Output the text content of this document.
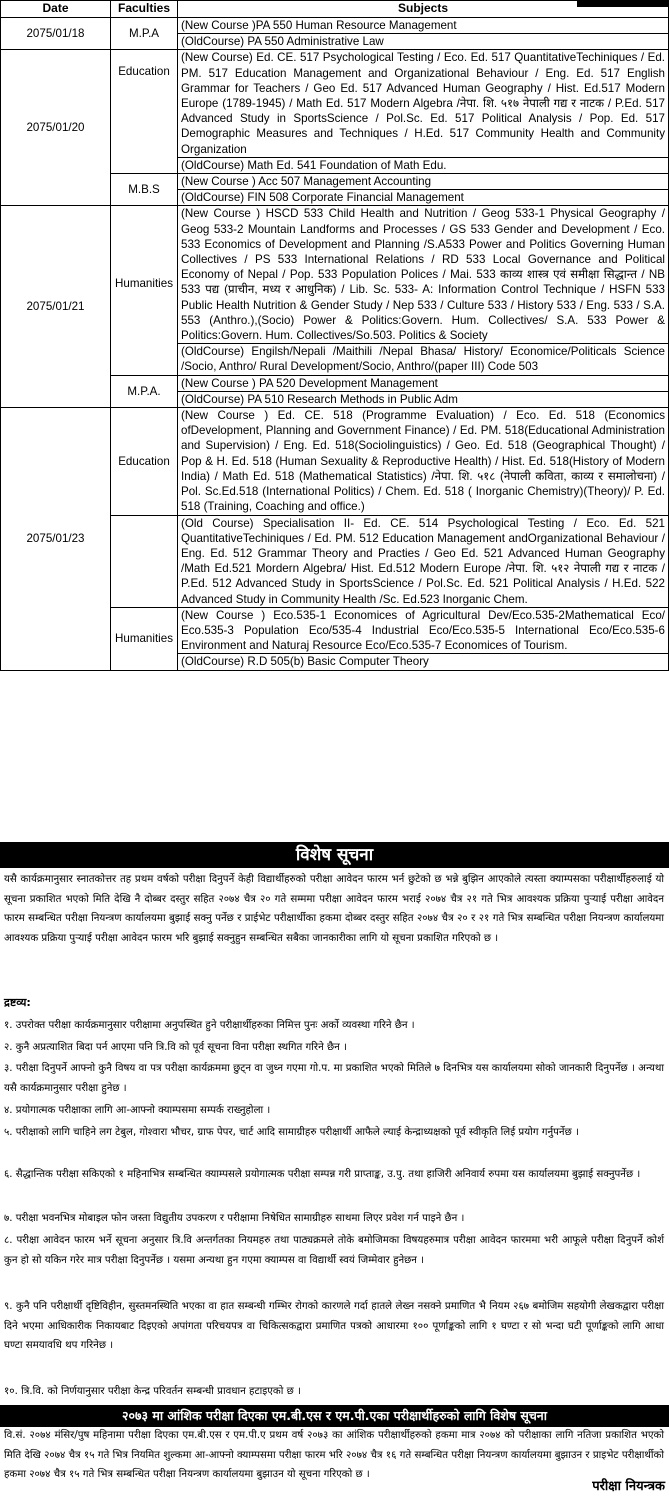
Date	Faculties	Subjects
2075/01/18	M.P.A	(New Course )PA 550 Human Resource Management
		(OldCourse) PA 550 Administrative Law
2075/01/20	Education	(New Course) Ed. CE. 517 Psychological Testing / Eco. Ed. 517 QuantitativeTechiniques / Ed. PM. 517 Education Management and Organizational Behaviour / Eng. Ed. 517 English Grammar for Teachers / Geo Ed. 517 Advanced Human Geography / Hist. Ed.517 Modern Europe (1789-1945) / Math Ed. 517 Modern Algebra /नेपा. शि. ५१७ नेपाली गद्य र नाटक / P.Ed. 517 Advanced Study in SportsScience / Pol.Sc. Ed. 517 Political Analysis / Pop. Ed. 517 Demographic Measures and Techniques / H.Ed. 517 Community Health and Community Organization
		(OldCourse) Math Ed. 541 Foundation of Math Edu.
	M.B.S	(New Course ) Acc 507 Management Accounting
		(OldCourse) FIN 508 Corporate Financial Management
2075/01/21	Humanities	(New Course ) HSCD 533 Child Health and Nutrition / Geog 533-1 Physical Geography / Geog 533-2 Mountain Landforms and Processes / GS 533 Gender and Development / Eco. 533 Economics of Development and Planning /S.A533 Power and Politics Governing Human Collectives / PS 533 International Relations / RD 533 Local Governance and Political Economy of Nepal / Pop. 533 Population Polices / Mai. 533 काव्य शास्त्र एवं समीक्षा सिद्धान्त / NB 533 पद्य (प्राचीन, मध्य र आधुनिक) / Lib. Sc. 533- A: Information Control Technique / HSFN 533 Public Health Nutrition & Gender Study / Nep 533 / Culture 533 / History 533 / Eng. 533 / S.A. 553 (Anthro.),(Socio) Power & Politics:Govern. Hum. Collectives/ S.A. 533 Power & Politics:Govern. Hum. Collectives/So.503. Politics & Society
		(OldCourse) Engilsh/Nepali /Maithili /Nepal Bhasa/ History/ Economice/Politicals Science /Socio, Anthro/ Rural Development/Socio, Anthro/(paper III) Code 503
	M.P.A.	(New Course ) PA 520 Development Management
		(OldCourse) PA 510 Research Methods in Public Adm
2075/01/23	Education	(New Course ) Ed. CE. 518 (Programme Evaluation) / Eco. Ed. 518 (Economics ofDevelopment, Planning and Government Finance) / Ed. PM. 518(Educational Administration and Supervision) / Eng. Ed. 518(Sociolinguistics) / Geo. Ed. 518 (Geographical Thought) / Pop & H. Ed. 518 (Human Sexuality & Reproductive Health) / Hist. Ed. 518(History of Modern India) / Math Ed. 518 (Mathematical Statistics) /नेपा. शि. ५१८ (नेपाली कविता, काव्य र समालोचना) / Pol. Sc.Ed.518 (International Politics) / Chem. Ed. 518 ( Inorganic Chemistry)(Theory)/ P. Ed. 518 (Training, Coaching and office.)
		(Old Course) Specialisation II- Ed. CE. 514 Psychological Testing / Eco. Ed. 521 QuantitativeTechiniques / Ed. PM. 512 Education Management andOrganizational Behaviour / Eng. Ed. 512 Grammar Theory and Practies / Geo Ed. 521 Advanced Human Geography /Math Ed.521 Mordern Algebra/ Hist. Ed.512 Modern Europe /नेपा. शि. ५१२ नेपाली गद्य र नाटक / P.Ed. 512 Advanced Study in SportsScience / Pol.Sc. Ed. 521 Political Analysis / H.Ed. 522 Advanced Study in Community Health /Sc. Ed.523 Inorganic Chem.
	Humanities	(New Course ) Eco.535-1 Economices of Agricultural Dev/Eco.535-2Mathematical Eco/ Eco.535-3 Population Eco/535-4 Industrial Eco/Eco.535-5 International Eco/Eco.535-6 Environment and Naturaj Resource Eco/Eco.535-7 Economices of Tourism.
		(OldCourse) R.D 505(b) Basic Computer Theory
विशेष सूचना
यसै कार्यक्रमानुसार स्नातकोत्तर तह प्रथम वर्षको परीक्षा दिनुपर्ने केही विद्यार्थीहरुको परीक्षा आवेदन फारम भर्न छुटेको छ भन्ने बुझिन आएकोले त्यस्ता क्याम्पसका परीक्षार्थीहरुलाई यो सूचना प्रकाशित भएको मिति देखि नै दोब्बर दस्तुर सहित २०७४ चैत्र २० गते सम्ममा परीक्षा आवेदन फारम भराई २०७४ चैत्र २१ गते भित्र आवश्यक प्रक्रिया पुऱ्याई परीक्षा आवेदन फारम सम्बन्धित परीक्षा नियन्त्रण कार्यालयमा बुझाई सक्नु पर्नेछ र प्राईभेट परीक्षार्थीका हकमा दोब्बर दस्तुर सहित २०७४ चैत्र २० र २१ गते भित्र सम्बन्धित परीक्षा नियन्त्रण कार्यालयमा आवश्यक प्रक्रिया पुऱ्याई परीक्षा आवेदन फारम भरि बुझाई सक्नुहुन सम्बन्धित सबैका जानकारीका लागि यो सूचना प्रकाशित गरिएको छ ।
द्रष्टव्य:
१. उपरोक्त परीक्षा कार्यक्रमानुसार परीक्षामा अनुपस्थित हुने परीक्षार्थीहरुका निमित्त पुनः अर्को व्यवस्था गरिने छैन ।
२. कुनै अप्रत्याशित बिदा पर्न आएमा पनि त्रि.वि को पूर्व सूचना विना परीक्षा स्थगित गरिने छैन ।
३. परीक्षा दिनुपर्ने आफ्नो कुनै विषय वा पत्र परीक्षा कार्यक्रममा छुट्न वा जुध्न गएमा गो.प. मा प्रकाशित भएको मितिले ७ दिनभित्र यस कार्यालयमा सोको जानकारी दिनुपर्नेछ । अन्यथा यसै कार्यक्रमानुसार परीक्षा हुनेछ ।
४. प्रयोगात्मक परीक्षाका लागि आ-आफ्नो क्याम्पसमा सम्पर्क राख्नुहोला ।
५. परीक्षाको लागि चाहिने लग टेबुल, गोश्वारा भौचर, ग्राफ पेपर, चार्ट आदि सामाग्रीहरु परीक्षार्थी आफैले ल्याई केन्द्राध्यक्षको पूर्व स्वीकृति लिई प्रयोग गर्नुपर्नेछ ।
६. सैद्धान्तिक परीक्षा सकिएको १ महिनाभित्र सम्बन्धित क्याम्पसले प्रयोगात्मक परीक्षा सम्पन्न गरी प्राप्ताङ्क, उ.पु. तथा हाजिरी अनिवार्य रुपमा यस कार्यालयमा बुझाई सक्नुपर्नेछ ।
७. परीक्षा भवनभित्र मोबाइल फोन जस्ता विद्युतीय उपकरण र परीक्षामा निषेधित सामाग्रीहरु साथमा लिएर प्रवेश गर्न पाइने छैन ।
८. परीक्षा आवेदन फारम भर्ने सूचना अनुसार त्रि.वि अन्तर्गतका नियमहरु तथा पाठ्यक्रमले तोके बमोजिमका विषयहरुमात्र परीक्षा आवेदन फारममा भरी आफूले परीक्षा दिनुपर्ने कोर्श कुन हो सो यकिन गरेर मात्र परीक्षा दिनुपर्नेछ । यसमा अन्यथा हुन गएमा क्याम्पस वा विद्यार्थी स्वयं जिम्मेवार हुनेछन ।
९. कुनै पनि परीक्षार्थी दृष्टिविहीन, सुस्तमनस्थिति भएका वा हात सम्बन्धी गम्भिर रोगको कारणले गर्दा हातले लेख्न नसक्ने प्रमाणित भै नियम २६७ बमोजिम सहयोगी लेखकद्वारा परीक्षा दिने भएमा आधिकारीक निकायबाट दिइएको अपांगता परिचयपत्र वा चिकित्सकद्वारा प्रमाणित पत्रको आधारमा १०० पूर्णाङ्कको लागि १ घण्टा र सो भन्दा घटी पूर्णाङ्कको लागि आधा घण्टा समयावधि थप गरिनेछ ।
१०. त्रि.वि. को निर्णयानुसार परीक्षा केन्द्र परिवर्तन सम्बन्धी प्रावधान हटाइएको छ ।
२०७३ मा आंशिक परीक्षा दिएका एम.बी.एस र एम.पी.एका परीक्षार्थीहरुको लागि विशेष सूचना
वि.सं. २०७४ मंसिर/पुष महिनामा परीक्षा दिएका एम.बी.एस र एम.पी.ए प्रथम वर्ष २०७३ का आंशिक परीक्षार्थीहरुको हकमा मात्र २०७४ को परीक्षाका लागि नतिजा प्रकाशित भएको मिति देखि २०७४ चैत्र १५ गते भित्र नियमित शुल्कमा आ-आफ्नो क्याम्पसमा परीक्षा फारम भरि २०७४ चैत्र १६ गते सम्बन्धित परीक्षा नियन्त्रण कार्यालयमा बुझाउन र प्राइभेट परीक्षार्थीको हकमा २०७४ चैत्र १५ गते भित्र सम्बन्धित परीक्षा नियन्त्रण कार्यालयमा बुझाउन यो सूचना गरिएको छ ।
परीक्षा नियन्त्रक
